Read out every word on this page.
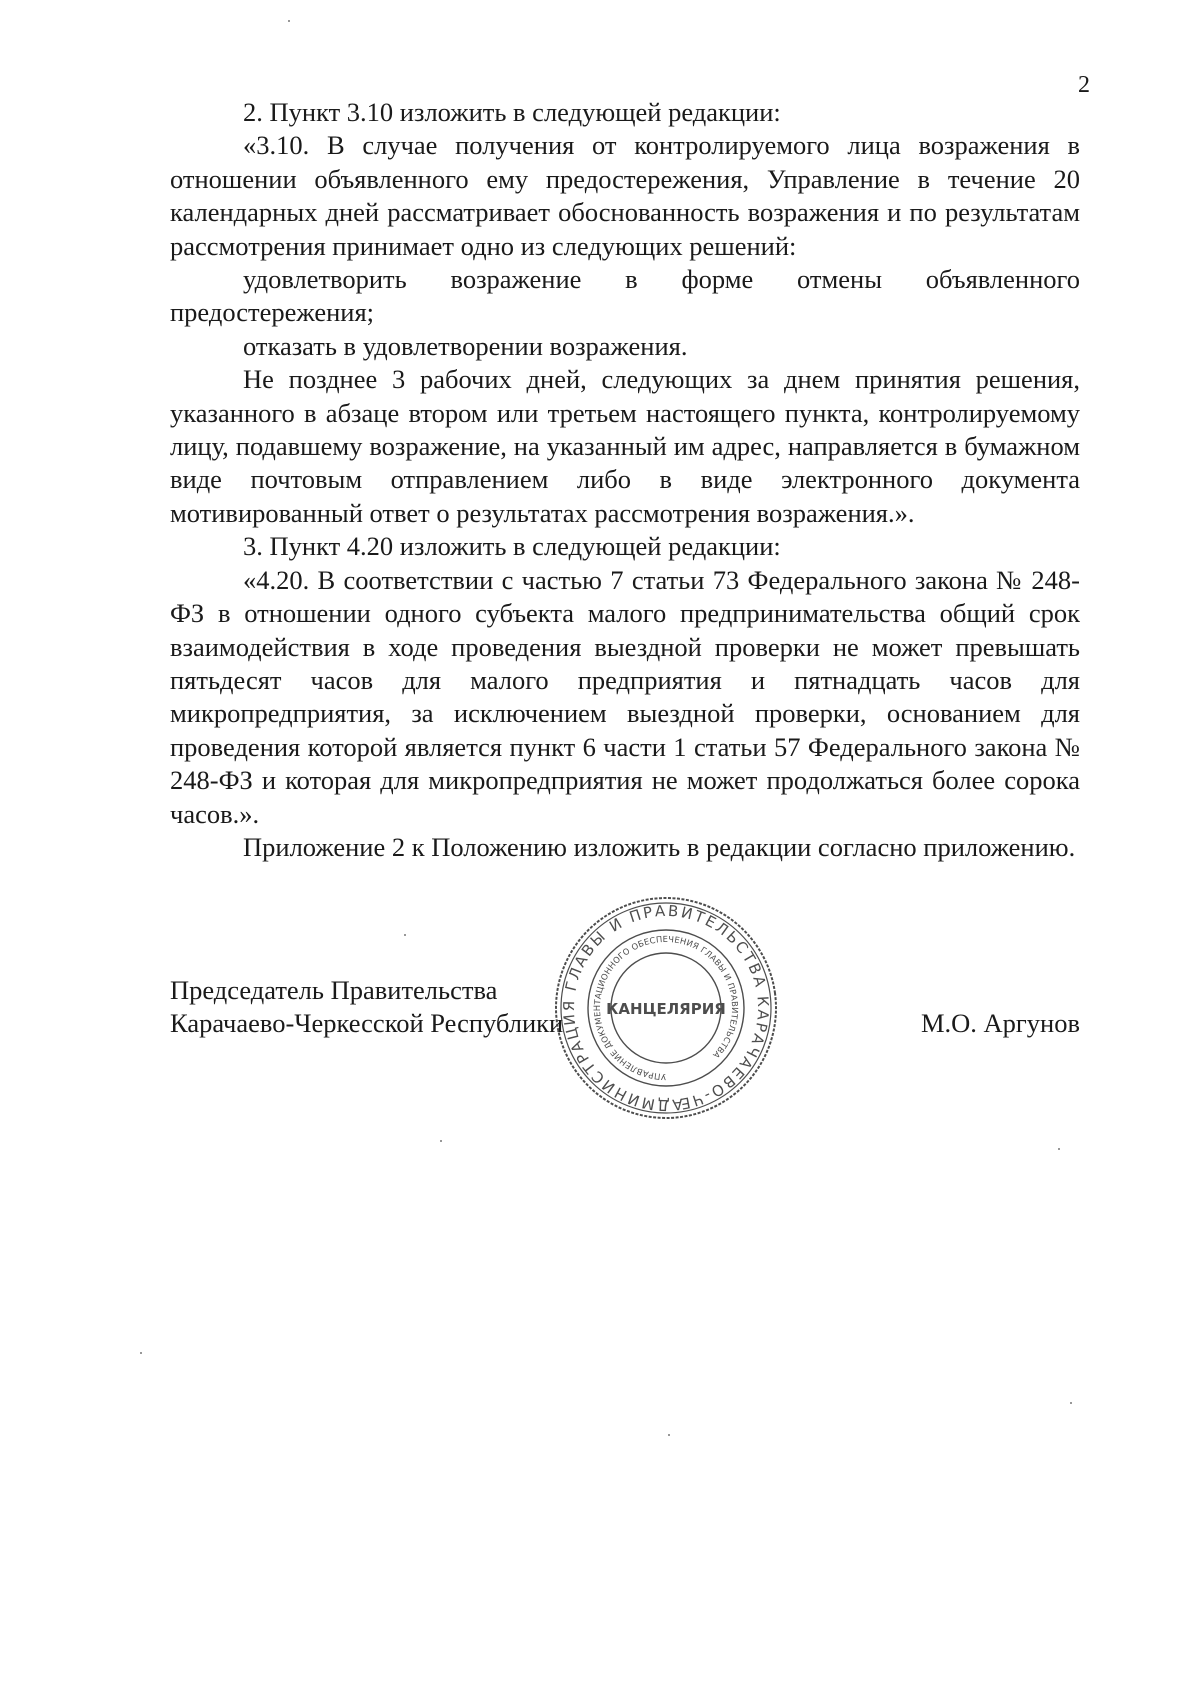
2

2. Пункт 3.10 изложить в следующей редакции:

«3.10. В случае получения от контролируемого лица возражения в отношении объявленного ему предостережения, Управление в течение 20 календарных дней рассматривает обоснованность возражения и по результатам рассмотрения принимает одно из следующих решений:

удовлетворить возражение в форме отмены объявленного предостережения;

отказать в удовлетворении возражения.

Не позднее 3 рабочих дней, следующих за днем принятия решения, указанного в абзаце втором или третьем настоящего пункта, контролируемому лицу, подавшему возражение, на указанный им адрес, направляется в бумажном виде почтовым отправлением либо в виде электронного документа мотивированный ответ о результатах рассмотрения возражения.».

3. Пункт 4.20 изложить в следующей редакции:

«4.20. В соответствии с частью 7 статьи 73 Федерального закона № 248-ФЗ в отношении одного субъекта малого предпринимательства общий срок взаимодействия в ходе проведения выездной проверки не может превышать пятьдесят часов для малого предприятия и пятнадцать часов для микропредприятия, за исключением выездной проверки, основанием для проведения которой является пункт 6 части 1 статьи 57 Федерального закона № 248-ФЗ и которая для микропредприятия не может продолжаться более сорока часов.».

Приложение 2 к Положению изложить в редакции согласно приложению.

Председатель Правительства
Карачаево-Черкесской Республики	М.О. Аргунов
АДМИНИСТРАЦИЯ ГЛАВЫ И ПРАВИТЕЛЬСТВА КАРАЧАЕВО-ЧЕРКЕССКОЙ
УПРАВЛЕНИЕ ДОКУМЕНТАЦИОННОГО ОБЕСПЕЧЕНИЯ ГЛАВЫ И ПРАВИТЕЛЬСТВА
КАНЦЕЛЯРИЯ
